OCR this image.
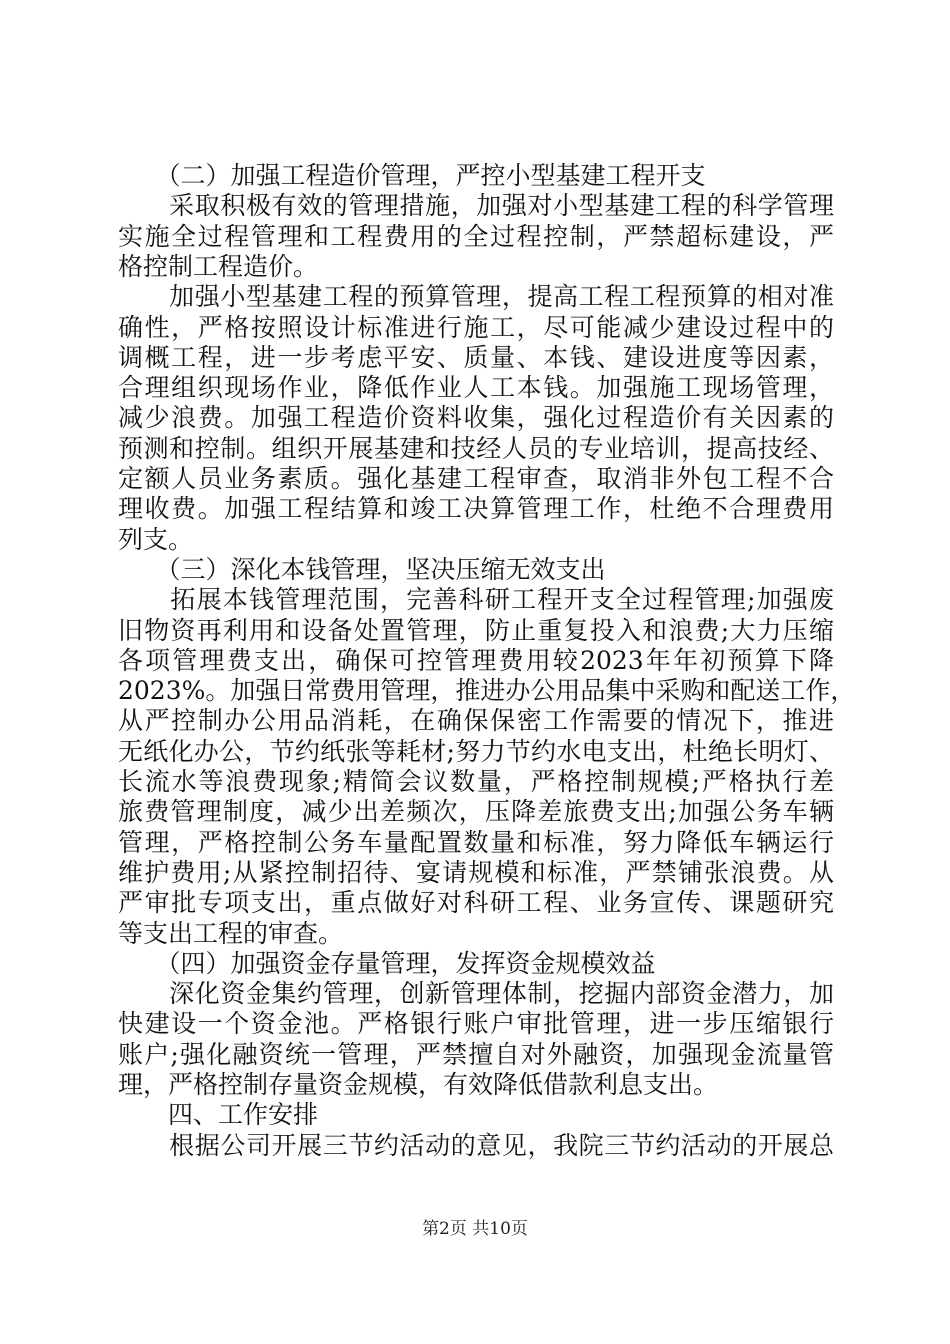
　　（二）加强工程造价管理，严控小型基建工程开支
　　采取积极有效的管理措施，加强对小型基建工程的科学管理
实施全过程管理和工程费用的全过程控制，严禁超标建设，严
格控制工程造价。
　　加强小型基建工程的预算管理，提高工程工程预算的相对准
确性，严格按照设计标准进行施工，尽可能减少建设过程中的
调概工程，进一步考虑平安、质量、本钱、建设进度等因素，
合理组织现场作业，降低作业人工本钱。加强施工现场管理，
减少浪费。加强工程造价资料收集，强化过程造价有关因素的
预测和控制。组织开展基建和技经人员的专业培训，提高技经、
定额人员业务素质。强化基建工程审查，取消非外包工程不合
理收费。加强工程结算和竣工决算管理工作，杜绝不合理费用
列支。
　　（三）深化本钱管理，坚决压缩无效支出
　　拓展本钱管理范围，完善科研工程开支全过程管理;加强废
旧物资再利用和设备处置管理，防止重复投入和浪费;大力压缩
各项管理费支出，确保可控管理费用较2023年年初预算下降
2023%。加强日常费用管理，推进办公用品集中采购和配送工作，
从严控制办公用品消耗，在确保保密工作需要的情况下，推进
无纸化办公，节约纸张等耗材;努力节约水电支出，杜绝长明灯、
长流水等浪费现象;精简会议数量，严格控制规模;严格执行差
旅费管理制度，减少出差频次，压降差旅费支出;加强公务车辆
管理，严格控制公务车量配置数量和标准，努力降低车辆运行
维护费用;从紧控制招待、宴请规模和标准，严禁铺张浪费。从
严审批专项支出，重点做好对科研工程、业务宣传、课题研究
等支出工程的审查。
　　（四）加强资金存量管理，发挥资金规模效益
　　深化资金集约管理，创新管理体制，挖掘内部资金潜力，加
快建设一个资金池。严格银行账户审批管理，进一步压缩银行
账户;强化融资统一管理，严禁擅自对外融资，加强现金流量管
理，严格控制存量资金规模，有效降低借款利息支出。
　　四、工作安排
　　根据公司开展三节约活动的意见，我院三节约活动的开展总
第2页 共10页
